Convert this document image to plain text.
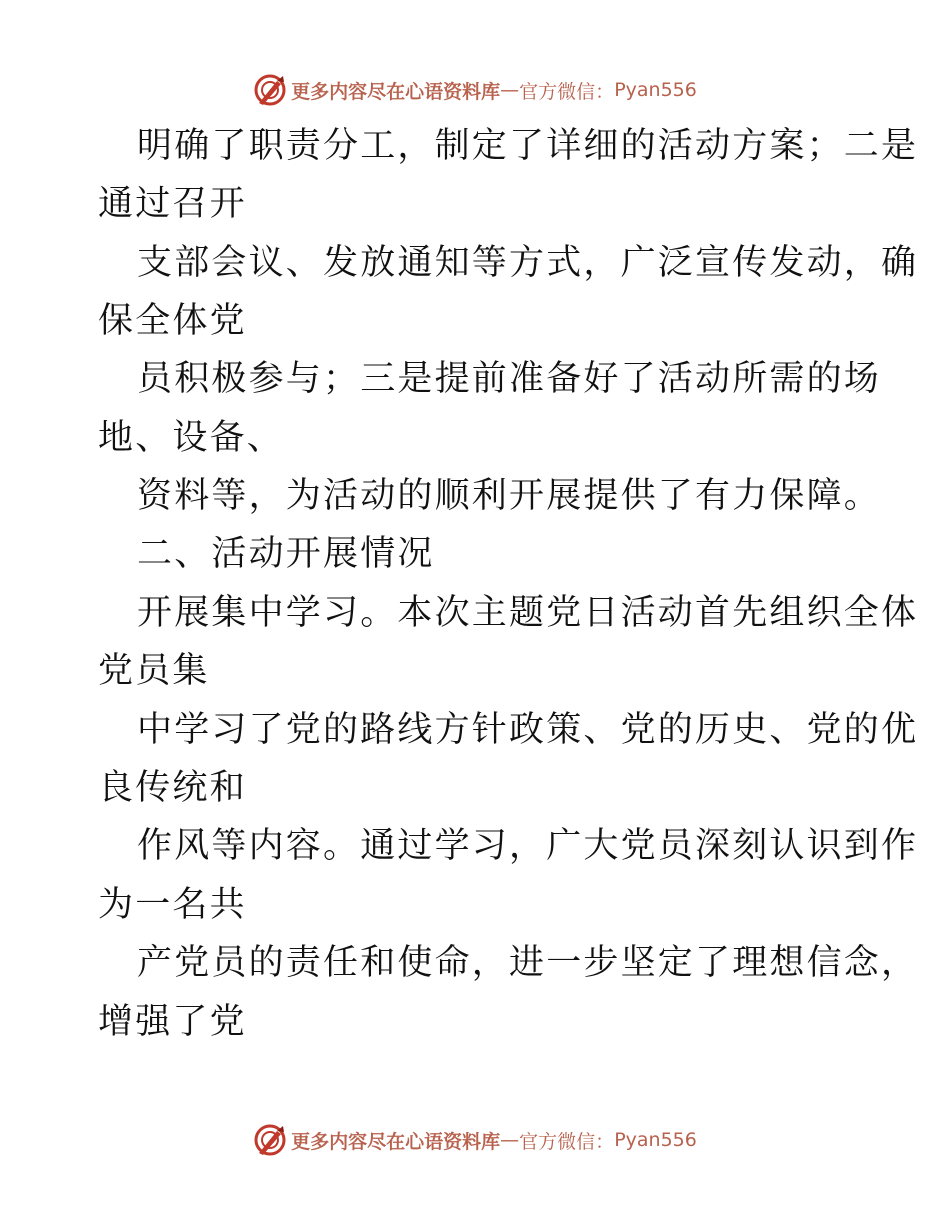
更多内容尽在心语资料库 — 官方微信： Pyan556
明确了职责分工，制定了详细的活动方案；二是
通过召开
支部会议、发放通知等方式，广泛宣传发动，确
保全体党
员积极参与；三是提前准备好了活动所需的场
地、设备、
资料等，为活动的顺利开展提供了有力保障。
二、活动开展情况
开展集中学习。本次主题党日活动首先组织全体
党员集
中学习了党的路线方针政策、党的历史、党的优
良传统和
作风等内容。通过学习，广大党员深刻认识到作
为一名共
产党员的责任和使命，进一步坚定了理想信念，
增强了党
更多内容尽在心语资料库 — 官方微信： Pyan556
